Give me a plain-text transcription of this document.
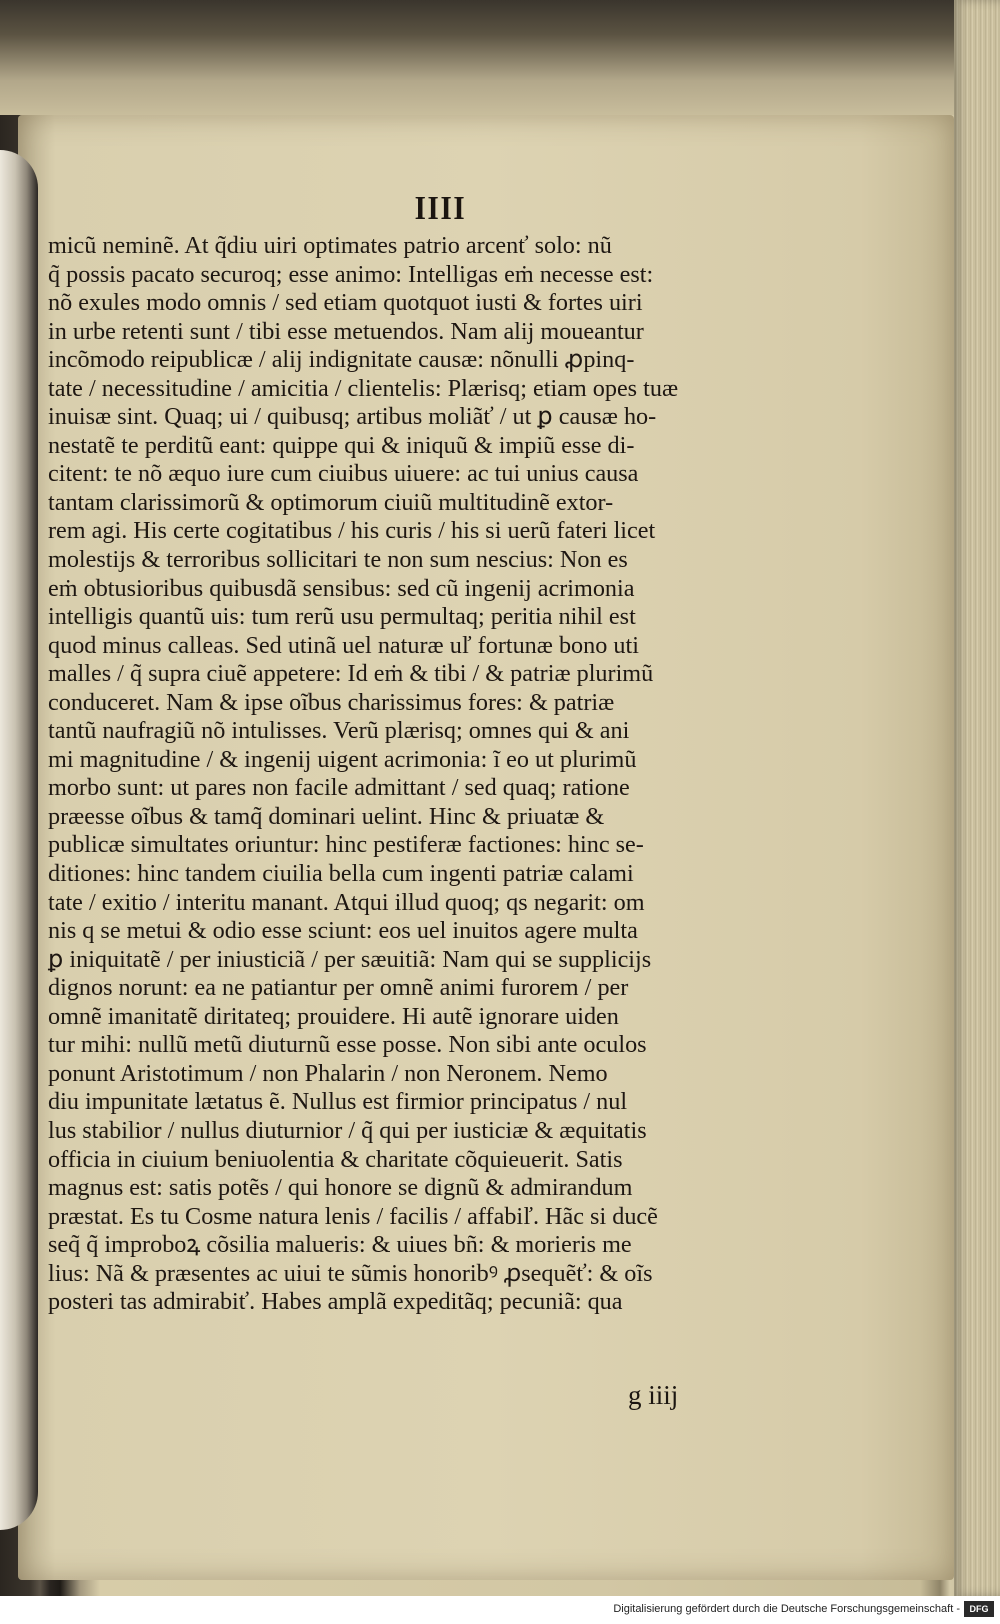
IIII
micũ neminẽ. At q̃diu uiri optimates patrio arcenť solo: nũ
q̃ possis pacato securoq; esse animo: Intelligas eṁ necesse est:
nõ exules modo omnis / sed etiam quotquot iusti & fortes uiri
in urbe retenti sunt / tibi esse metuendos. Nam alij moueantur
incõmodo reipublicæ / alij indignitate causæ: nõnulli ꝓpinq-
tate / necessitudine / amicitia / clientelis: Plærisq; etiam opes tuæ
inuisæ sint. Quaq; ui / quibusq; artibus moliãť / ut ꝑ causæ ho-
nestatẽ te perditũ eant: quippe qui & iniquũ & impiũ esse di-
citent: te nõ æquo iure cum ciuibus uiuere: ac tui unius causa
tantam clarissimorũ & optimorum ciuiũ multitudinẽ extor-
rem agi. His certe cogitatibus / his curis / his si uerũ fateri licet
molestijs & terroribus sollicitari te non sum nescius: Non es
eṁ obtusioribus quibusdã sensibus: sed cũ ingenij acrimonia
intelligis quantũ uis: tum rerũ usu permultaq; peritia nihil est
quod minus calleas. Sed utinã uel naturæ uľ fortunæ bono uti
malles / q̃ supra ciuẽ appetere: Id eṁ & tibi / & patriæ plurimũ
conduceret. Nam & ipse oĩbus charissimus fores: & patriæ
tantũ naufragiũ nõ intulisses. Verũ plærisq; omnes qui & ani
mi magnitudine / & ingenij uigent acrimonia: ĩ eo ut plurimũ
morbo sunt: ut pares non facile admittant / sed quaq; ratione
præesse oĩbus & tamq̃ dominari uelint. Hinc & priuatæ &
publicæ simultates oriuntur: hinc pestiferæ factiones: hinc se-
ditiones: hinc tandem ciuilia bella cum ingenti patriæ calami
tate / exitio / interitu manant. Atqui illud quoq; qs negarit: om
nis q se metui & odio esse sciunt: eos uel inuitos agere multa
ꝑ iniquitatẽ / per iniusticiã / per sæuitiã: Nam qui se supplicijs
dignos norunt: ea ne patiantur per omnẽ animi furorem / per
omnẽ imanitatẽ diritateq; prouidere. Hi autẽ ignorare uiden
tur mihi: nullũ metũ diuturnũ esse posse. Non sibi ante oculos
ponunt Aristotimum / non Phalarin / non Neronem. Nemo
diu impunitate lætatus ẽ. Nullus est firmior principatus / nul
lus stabilior / nullus diuturnior / q̃ qui per iusticiæ & æquitatis
officia in ciuium beniuolentia & charitate cõquieuerit. Satis
magnus est: satis potẽs / qui honore se dignũ & admirandum
præstat. Es tu Cosme natura lenis / facilis / affabiľ. Hãc si ducẽ
seq̃ q̃ improboꝝ cõsilia malueris: & uiues bñ: & morieris me
lius: Nã & præsentes ac uiui te sũmis honoribꝰ ꝓsequẽť: & oĩs
posteri tas admirabiť. Habes amplã expeditãq; pecuniã: qua
g iiij
Digitalisierung gefördert durch die Deutsche Forschungsgemeinschaft -	DFG
